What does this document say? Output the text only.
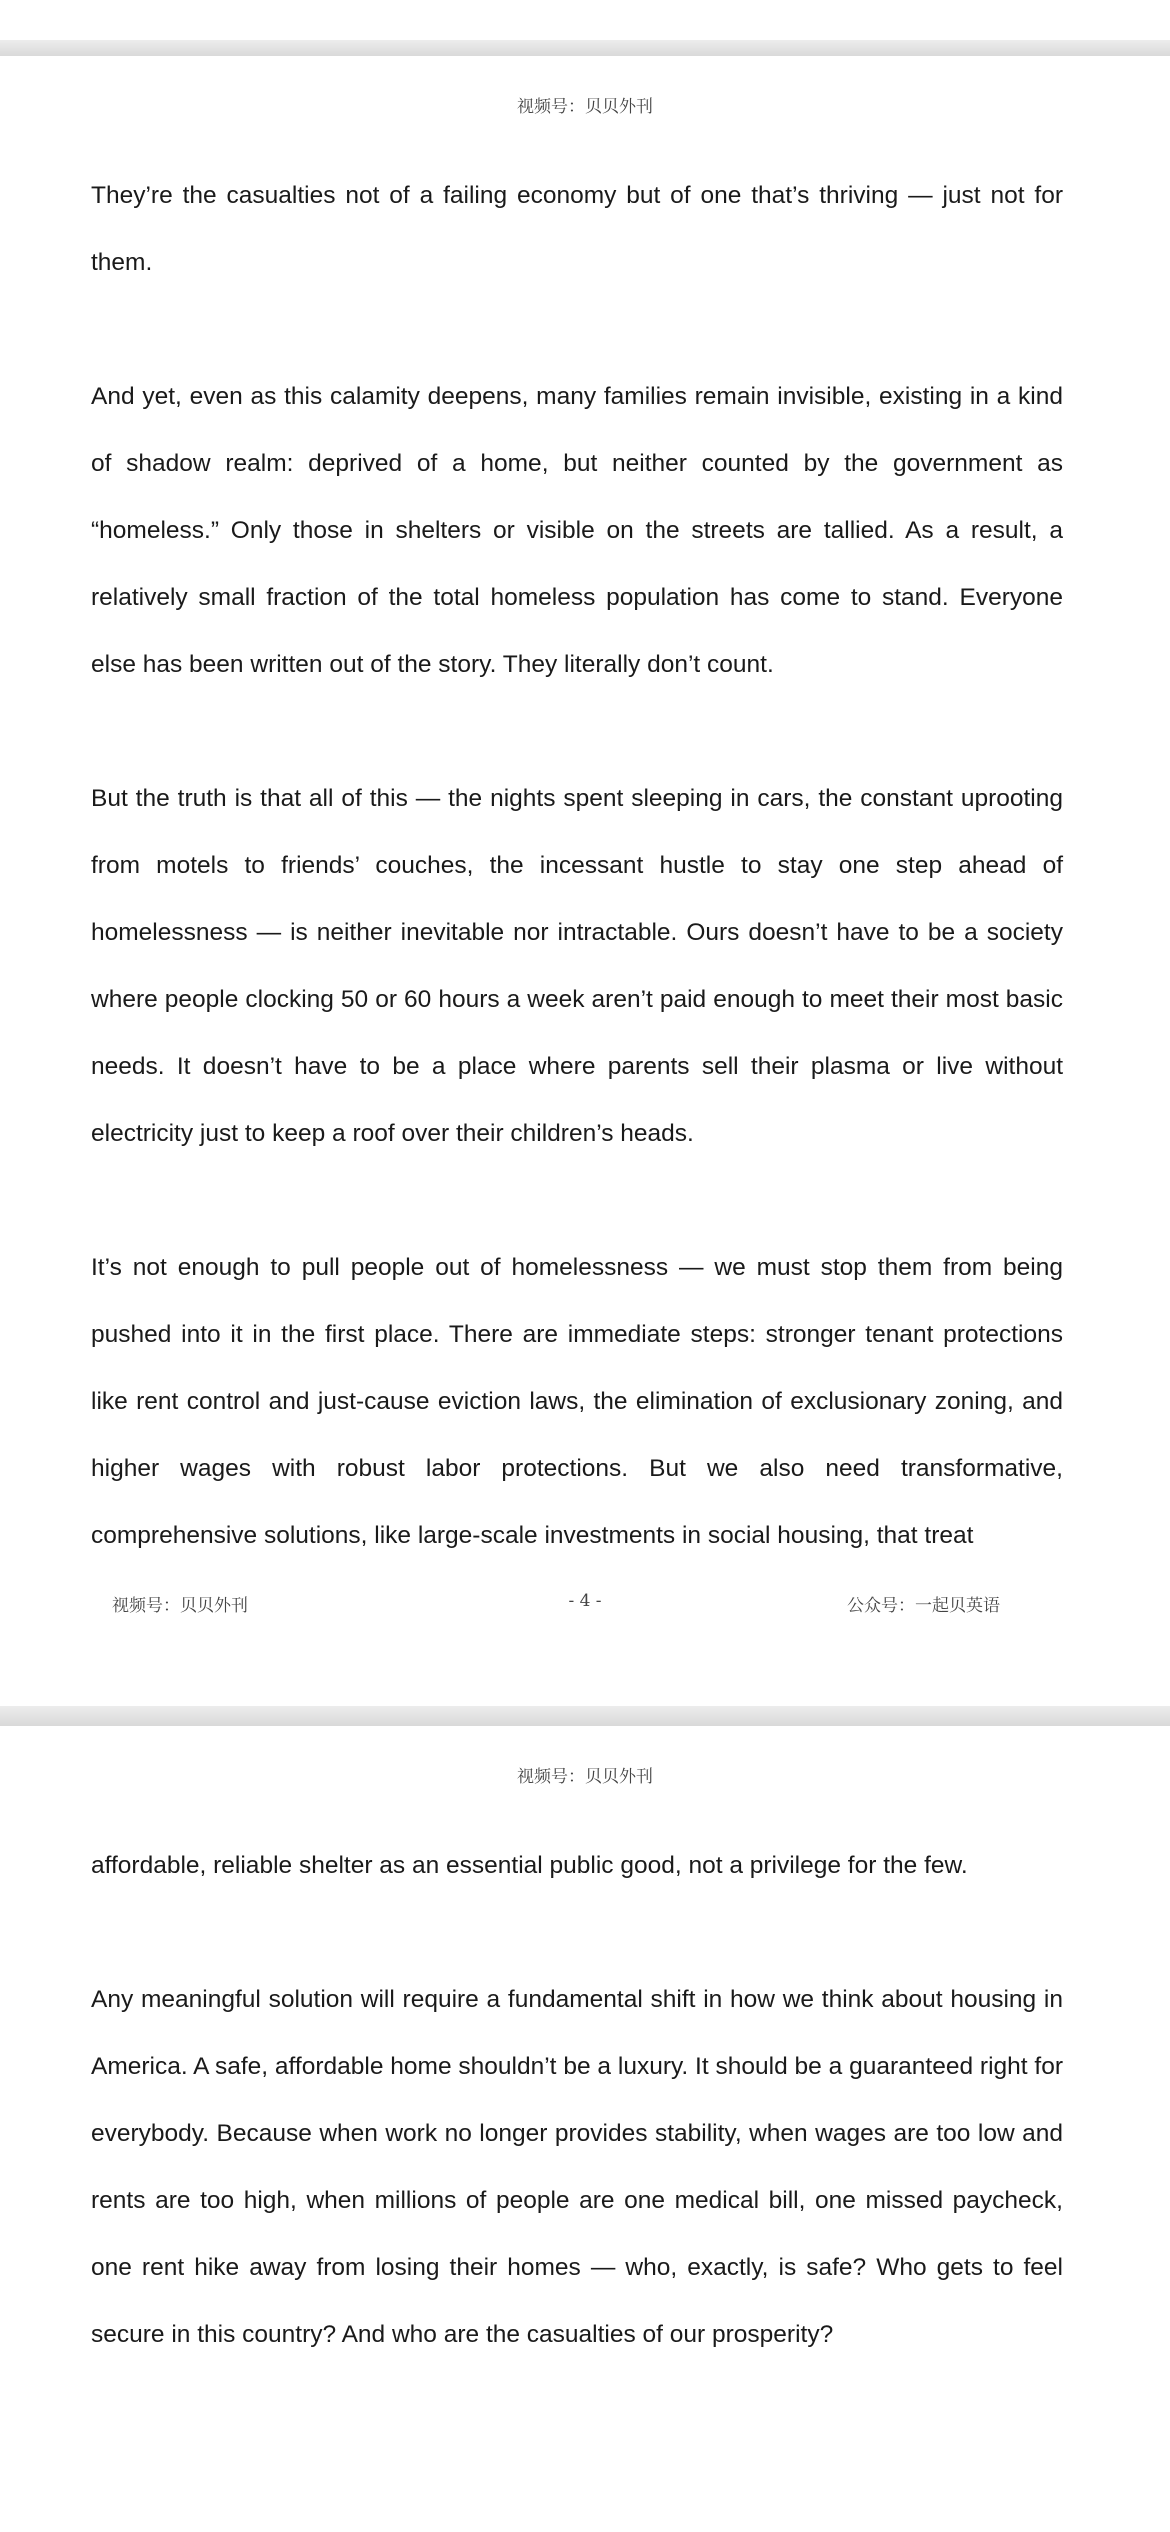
视频号：贝贝外刊

They’re the casualties not of a failing economy but of one that’s thriving — just not for them.

And yet, even as this calamity deepens, many families remain invisible, existing in a kind of shadow realm: deprived of a home, but neither counted by the government as “homeless.” Only those in shelters or visible on the streets are tallied. As a result, a relatively small fraction of the total homeless population has come to stand. Everyone else has been written out of the story. They literally don’t count.

But the truth is that all of this — the nights spent sleeping in cars, the constant uprooting from motels to friends’ couches, the incessant hustle to stay one step ahead of homelessness — is neither inevitable nor intractable. Ours doesn’t have to be a society where people clocking 50 or 60 hours a week aren’t paid enough to meet their most basic needs. It doesn’t have to be a place where parents sell their plasma or live without electricity just to keep a roof over their children’s heads.

It’s not enough to pull people out of homelessness — we must stop them from being pushed into it in the first place. There are immediate steps: stronger tenant protections like rent control and just-cause eviction laws, the elimination of exclusionary zoning, and higher wages with robust labor protections. But we also need transformative, comprehensive solutions, like large-scale investments in social housing, that treat

视频号：贝贝外刊	- 4 -	公众号：一起贝英语
视频号：贝贝外刊

affordable, reliable shelter as an essential public good, not a privilege for the few.

Any meaningful solution will require a fundamental shift in how we think about housing in America. A safe, affordable home shouldn’t be a luxury. It should be a guaranteed right for everybody. Because when work no longer provides stability, when wages are too low and rents are too high, when millions of people are one medical bill, one missed paycheck, one rent hike away from losing their homes — who, exactly, is safe? Who gets to feel secure in this country? And who are the casualties of our prosperity?
